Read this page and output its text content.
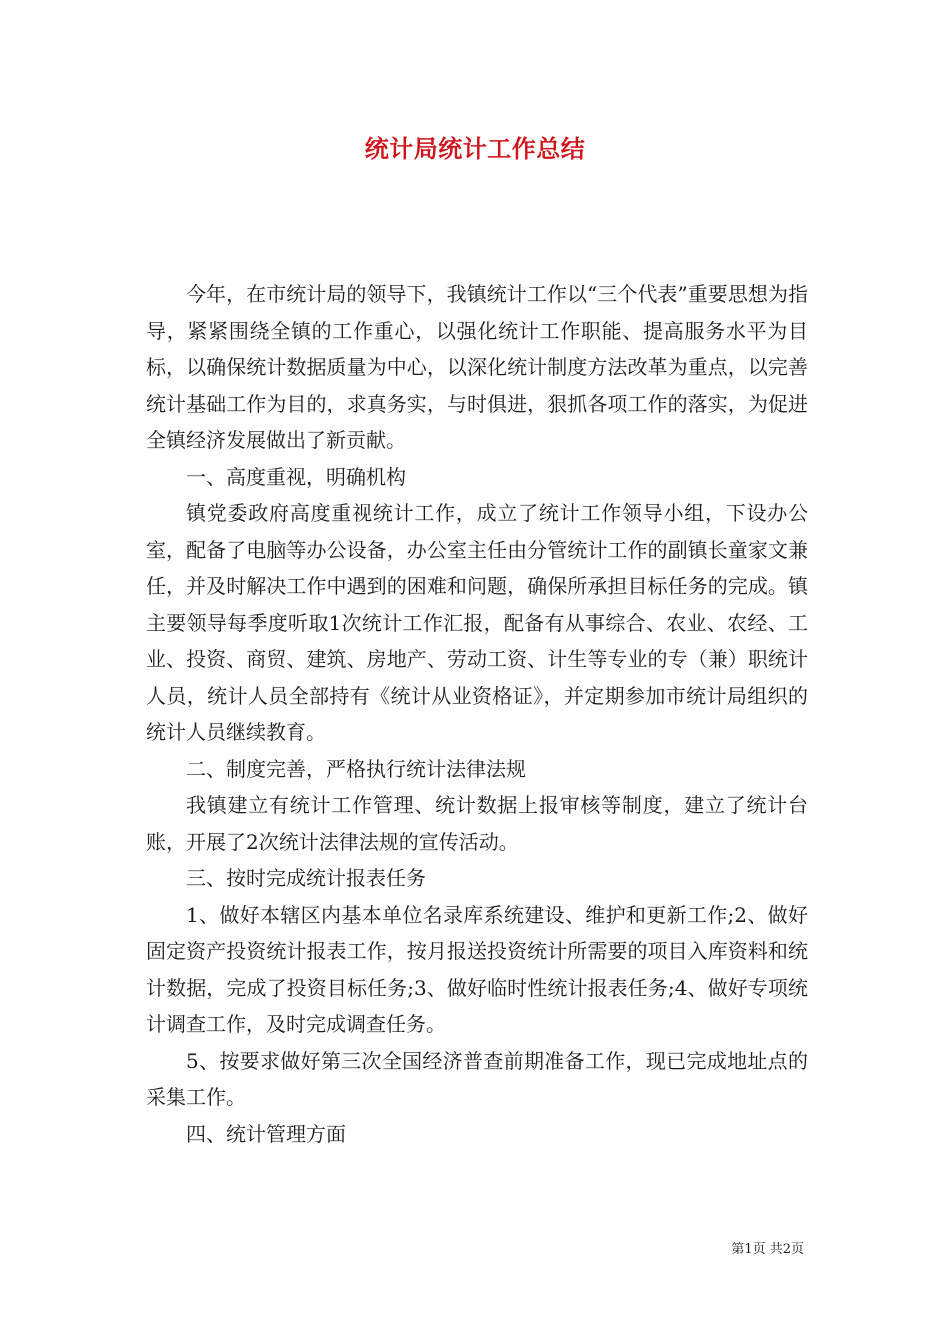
统计局统计工作总结

今年，在市统计局的领导下，我镇统计工作以“三个代表”重要思想为指导，紧紧围绕全镇的工作重心，以强化统计工作职能、提高服务水平为目标，以确保统计数据质量为中心，以深化统计制度方法改革为重点，以完善统计基础工作为目的，求真务实，与时俱进，狠抓各项工作的落实，为促进全镇经济发展做出了新贡献。

一、高度重视，明确机构

镇党委政府高度重视统计工作，成立了统计工作领导小组，下设办公室，配备了电脑等办公设备，办公室主任由分管统计工作的副镇长童家文兼任，并及时解决工作中遇到的困难和问题，确保所承担目标任务的完成。镇主要领导每季度听取1次统计工作汇报，配备有从事综合、农业、农经、工业、投资、商贸、建筑、房地产、劳动工资、计生等专业的专（兼）职统计人员，统计人员全部持有《统计从业资格证》，并定期参加市统计局组织的统计人员继续教育。

二、制度完善，严格执行统计法律法规

我镇建立有统计工作管理、统计数据上报审核等制度，建立了统计台账，开展了2次统计法律法规的宣传活动。

三、按时完成统计报表任务

1、做好本辖区内基本单位名录库系统建设、维护和更新工作;2、做好固定资产投资统计报表工作，按月报送投资统计所需要的项目入库资料和统计数据，完成了投资目标任务;3、做好临时性统计报表任务;4、做好专项统计调查工作，及时完成调查任务。

5、按要求做好第三次全国经济普查前期准备工作，现已完成地址点的采集工作。

四、统计管理方面

第1页 共2页
